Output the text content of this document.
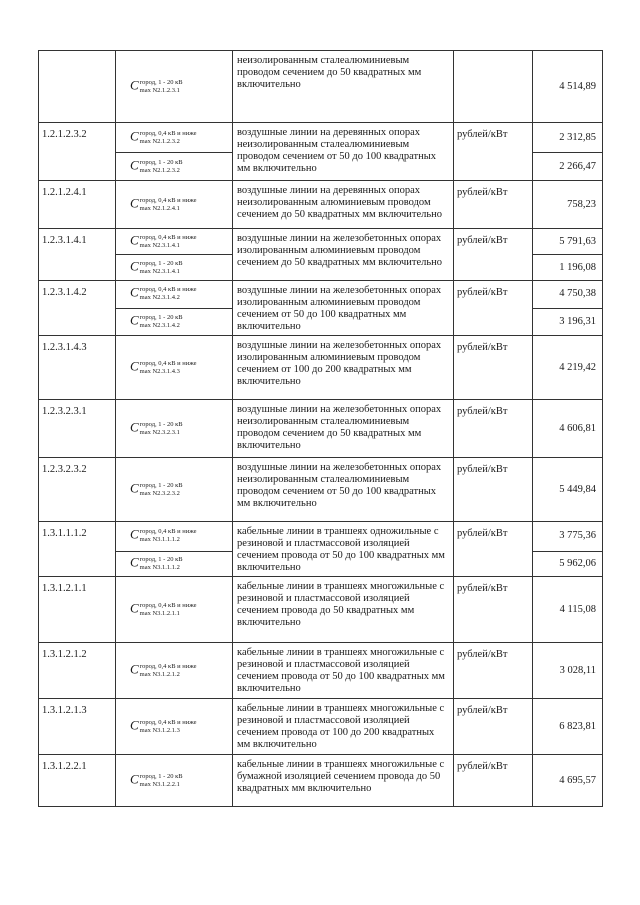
	Cгород, 1 - 20 кВ
max N2.1.2.3.1	неизолированным сталеалюминиевым проводом сечением до 50 квадратных мм включительно		4 514,89
1.2.1.2.3.2	Cгород, 0,4 кВ и ниже
max N2.1.2.3.2	воздушные линии на деревянных опорах неизолированным сталеалюминиевым проводом сечением от 50 до 100 квадратных мм включительно	рублей/кВт	2 312,85
	Cгород, 1 - 20 кВ
max N2.1.2.3.2			2 266,47
1.2.1.2.4.1	Cгород, 0,4 кВ и ниже
max N2.1.2.4.1	воздушные линии на деревянных опорах неизолированным алюминиевым проводом сечением до 50 квадратных мм включительно	рублей/кВт	758,23
1.2.3.1.4.1	Cгород, 0,4 кВ и ниже
max N2.3.1.4.1	воздушные линии на железобетонных опорах изолированным алюминиевым проводом сечением до 50 квадратных мм включительно	рублей/кВт	5 791,63
	Cгород, 1 - 20 кВ
max N2.3.1.4.1			1 196,08
1.2.3.1.4.2	Cгород, 0,4 кВ и ниже
max N2.3.1.4.2	воздушные линии на железобетонных опорах изолированным алюминиевым проводом сечением от 50 до 100 квадратных мм включительно	рублей/кВт	4 750,38
	Cгород, 1 - 20 кВ
max N2.3.1.4.2			3 196,31
1.2.3.1.4.3	Cгород, 0,4 кВ и ниже
max N2.3.1.4.3	воздушные линии на железобетонных опорах изолированным алюминиевым проводом сечением от 100 до 200 квадратных мм включительно	рублей/кВт	4 219,42
1.2.3.2.3.1	Cгород, 1 - 20 кВ
max N2.3.2.3.1	воздушные линии на железобетонных опорах неизолированным сталеалюминиевым проводом сечением до 50 квадратных мм включительно	рублей/кВт	4 606,81
1.2.3.2.3.2	Cгород, 1 - 20 кВ
max N2.3.2.3.2	воздушные линии на железобетонных опорах неизолированным сталеалюминиевым проводом сечением от 50 до 100 квадратных мм включительно	рублей/кВт	5 449,84
1.3.1.1.1.2	Cгород, 0,4 кВ и ниже
max N3.1.1.1.2	кабельные линии в траншеях одножильные с резиновой и пластмассовой изоляцией сечением провода от 50 до 100 квадратных мм включительно	рублей/кВт	3 775,36
	Cгород, 1 - 20 кВ
max N3.1.1.1.2			5 962,06
1.3.1.2.1.1	Cгород, 0,4 кВ и ниже
max N3.1.2.1.1	кабельные линии в траншеях многожильные с резиновой и пластмассовой изоляцией сечением провода до 50 квадратных мм включительно	рублей/кВт	4 115,08
1.3.1.2.1.2	Cгород, 0,4 кВ и ниже
max N3.1.2.1.2	кабельные линии в траншеях многожильные с резиновой и пластмассовой изоляцией сечением провода от 50 до 100 квадратных мм включительно	рублей/кВт	3 028,11
1.3.1.2.1.3	Cгород, 0,4 кВ и ниже
max N3.1.2.1.3	кабельные линии в траншеях многожильные с резиновой и пластмассовой изоляцией сечением провода от 100 до 200 квадратных мм включительно	рублей/кВт	6 823,81
1.3.1.2.2.1	Cгород, 1 - 20 кВ
max N3.1.2.2.1	кабельные линии в траншеях многожильные с бумажной изоляцией сечением провода до 50 квадратных мм включительно	рублей/кВт	4 695,57
